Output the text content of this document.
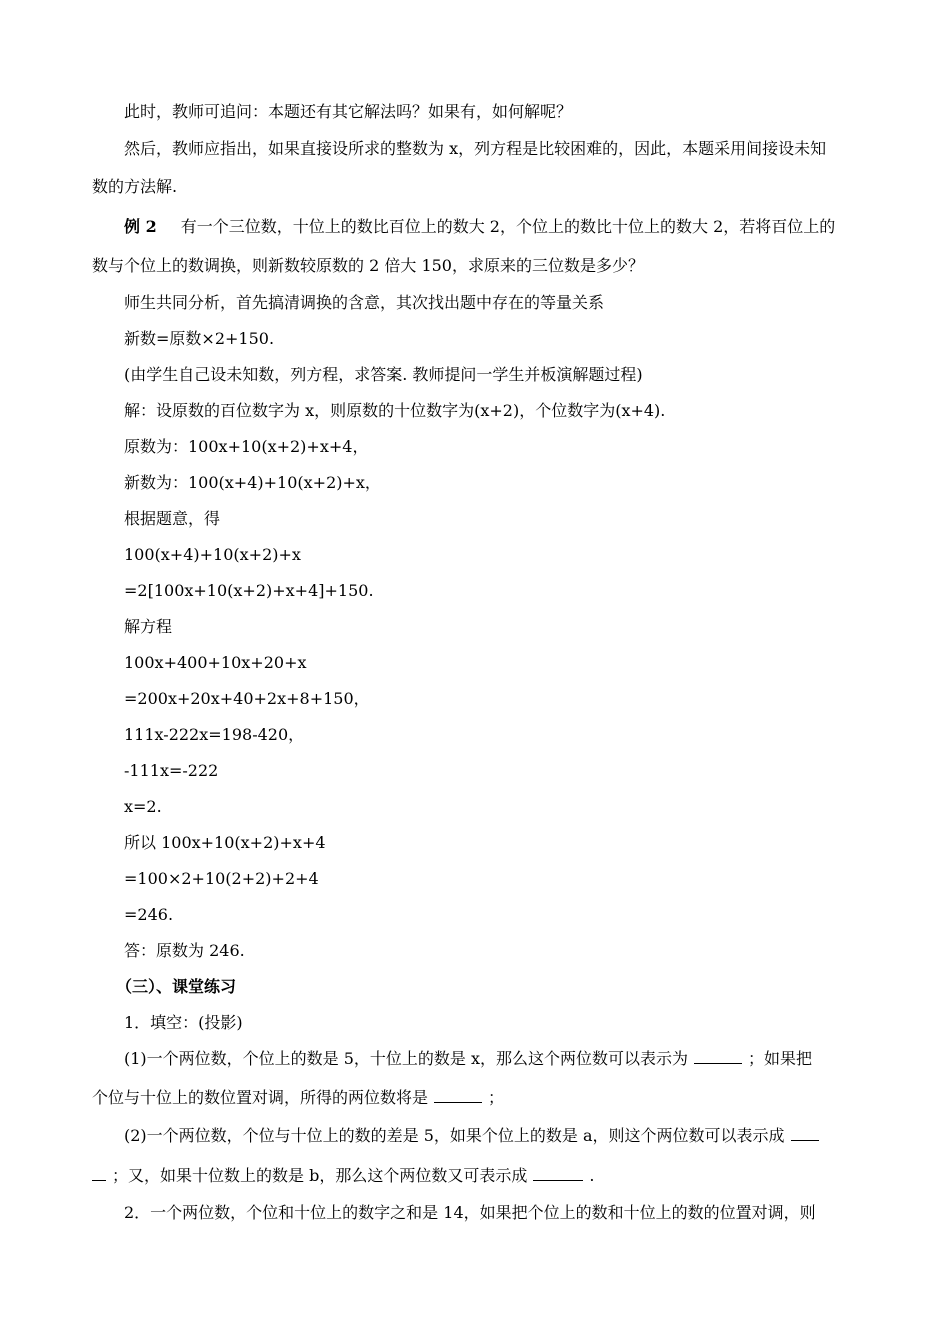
此时，教师可追问：本题还有其它解法吗？如果有，如何解呢？
然后，教师应指出，如果直接设所求的整数为 x，列方程是比较困难的，因此，本题采用间接设未知
数的方法解.
例 2 有一个三位数，十位上的数比百位上的数大 2，个位上的数比十位上的数大 2，若将百位上的
数与个位上的数调换，则新数较原数的 2 倍大 150，求原来的三位数是多少？
师生共同分析，首先搞清调换的含意，其次找出题中存在的等量关系
新数=原数×2+150.
(由学生自己设未知数，列方程，求答案. 教师提问一学生并板演解题过程)
解：设原数的百位数字为 x，则原数的十位数字为(x+2)，个位数字为(x+4).
原数为：100x+10(x+2)+x+4，
新数为：100(x+4)+10(x+2)+x，
根据题意，得
100(x+4)+10(x+2)+x
=2[100x+10(x+2)+x+4]+150.
解方程
100x+400+10x+20+x
=200x+20x+40+2x+8+150，
111x-222x=198-420，
-111x=-222
x=2.
所以 100x+10(x+2)+x+4
=100×2+10(2+2)+2+4
=246.
答：原数为 246.
（三）、课堂练习
1．填空：(投影)
(1)一个两位数，个位上的数是 5，十位上的数是 x，那么这个两位数可以表示为	；如果把
个位与十位上的数位置对调，所得的两位数将是	；
(2)一个两位数，个位与十位上的数的差是 5，如果个位上的数是 a，则这个两位数可以表示成
；又，如果十位数上的数是 b，那么这个两位数又可表示成	.
2．一个两位数，个位和十位上的数字之和是 14，如果把个位上的数和十位上的数的位置对调，则
